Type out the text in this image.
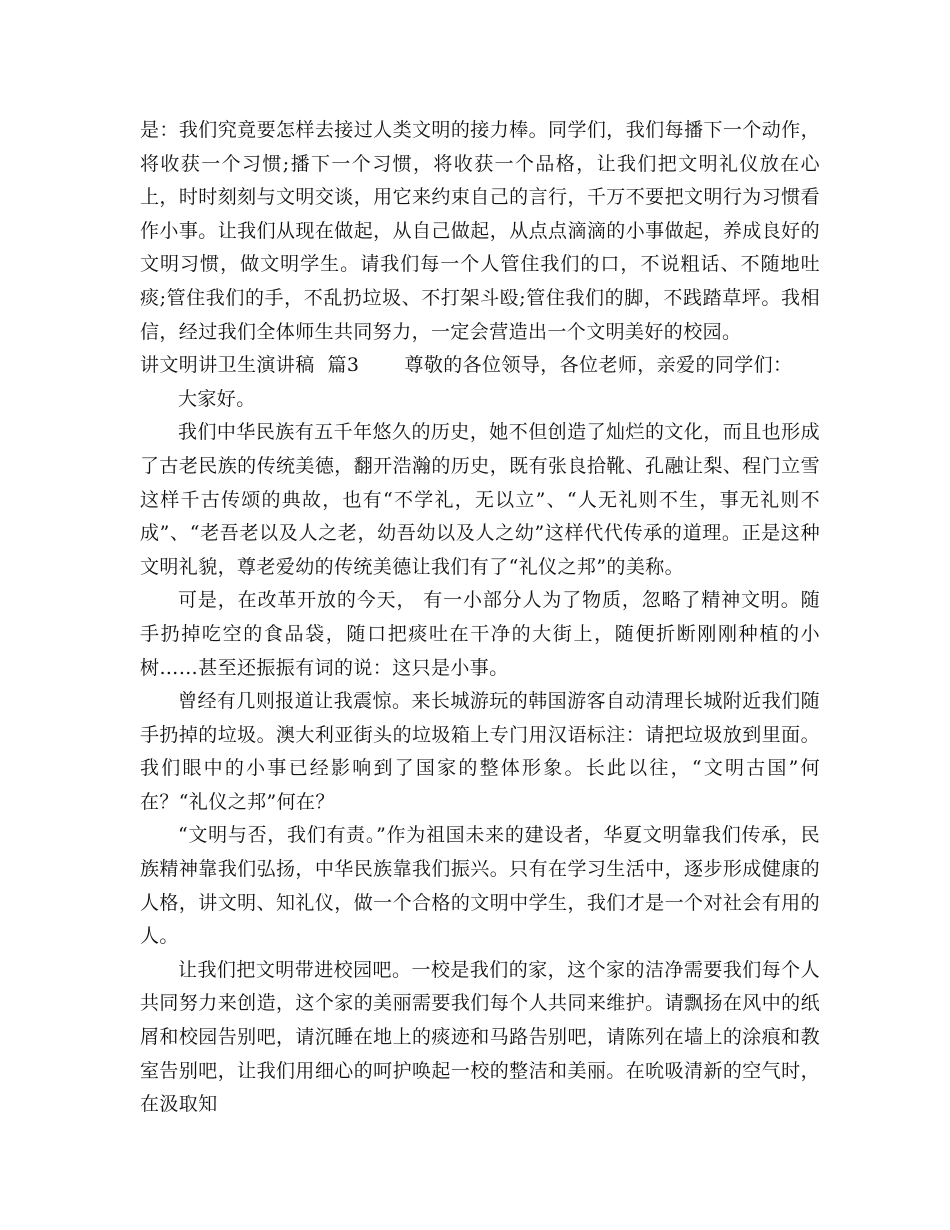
是：我们究竟要怎样去接过人类文明的接力棒。同学们，我们每播下一个动作，将收获一个习惯;播下一个习惯，将收获一个品格，让我们把文明礼仪放在心上，时时刻刻与文明交谈，用它来约束自己的言行，千万不要把文明行为习惯看作小事。让我们从现在做起，从自己做起，从点点滴滴的小事做起，养成良好的文明习惯，做文明学生。请我们每一个人管住我们的口，不说粗话、不随地吐痰;管住我们的手，不乱扔垃圾、不打架斗殴;管住我们的脚，不践踏草坪。我相信，经过我们全体师生共同努力，一定会营造出一个文明美好的校园。

讲文明讲卫生演讲稿  篇3       尊敬的各位领导，各位老师，亲爱的同学们：

大家好。

我们中华民族有五千年悠久的历史，她不但创造了灿烂的文化，而且也形成了古老民族的传统美德，翻开浩瀚的历史，既有张良拾靴、孔融让梨、程门立雪这样千古传颂的典故，也有“不学礼，无以立”、“人无礼则不生，事无礼则不成”、“老吾老以及人之老，幼吾幼以及人之幼”这样代代传承的道理。正是这种文明礼貌，尊老爱幼的传统美德让我们有了“礼仪之邦”的美称。

可是，在改革开放的今天， 有一小部分人为了物质，忽略了精神文明。随手扔掉吃空的食品袋，随口把痰吐在干净的大街上，随便折断刚刚种植的小树……甚至还振振有词的说：这只是小事。

曾经有几则报道让我震惊。来长城游玩的韩国游客自动清理长城附近我们随手扔掉的垃圾。澳大利亚街头的垃圾箱上专门用汉语标注：请把垃圾放到里面。我们眼中的小事已经影响到了国家的整体形象。长此以往，“文明古国”何在？“礼仪之邦”何在？

“文明与否，我们有责。”作为祖国未来的建设者，华夏文明靠我们传承，民族精神靠我们弘扬，中华民族靠我们振兴。只有在学习生活中，逐步形成健康的人格，讲文明、知礼仪，做一个合格的文明中学生，我们才是一个对社会有用的人。

让我们把文明带进校园吧。一校是我们的家，这个家的洁净需要我们每个人共同努力来创造，这个家的美丽需要我们每个人共同来维护。请飘扬在风中的纸屑和校园告别吧，请沉睡在地上的痰迹和马路告别吧，请陈列在墙上的涂痕和教室告别吧，让我们用细心的呵护唤起一校的整洁和美丽。在吮吸清新的空气时，在汲取知
